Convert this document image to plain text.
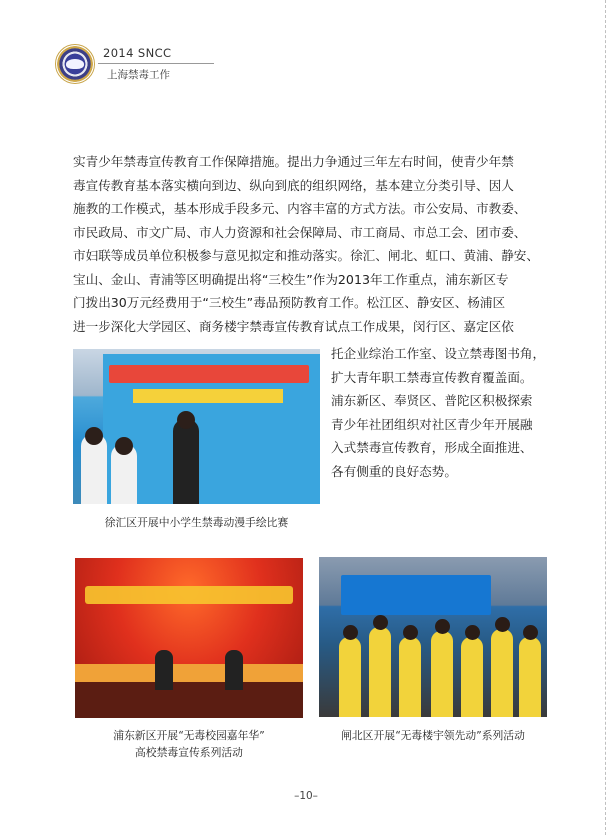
2014 SNCC
上海禁毒工作
实青少年禁毒宣传教育工作保障措施。提出力争通过三年左右时间，使青少年禁
毒宣传教育基本落实横向到边、纵向到底的组织网络，基本建立分类引导、因人
施教的工作模式，基本形成手段多元、内容丰富的方式方法。市公安局、市教委、
市民政局、市文广局、市人力资源和社会保障局、市工商局、市总工会、团市委、
市妇联等成员单位积极参与意见拟定和推动落实。徐汇、闸北、虹口、黄浦、静安、
宝山、金山、青浦等区明确提出将“三校生”作为2013年工作重点，浦东新区专
门拨出30万元经费用于“三校生”毒品预防教育工作。松江区、静安区、杨浦区
进一步深化大学园区、商务楼宇禁毒宣传教育试点工作成果，闵行区、嘉定区依
托企业综治工作室、设立禁毒图书角，
扩大青年职工禁毒宣传教育覆盖面。
浦东新区、奉贤区、普陀区积极探索
青少年社团组织对社区青少年开展融
入式禁毒宣传教育，形成全面推进、
各有侧重的良好态势。
徐汇区开展中小学生禁毒动漫手绘比赛
浦东新区开展“无毒校园嘉年华”
高校禁毒宣传系列活动
闸北区开展“无毒楼宇领先动”系列活动
–10–
